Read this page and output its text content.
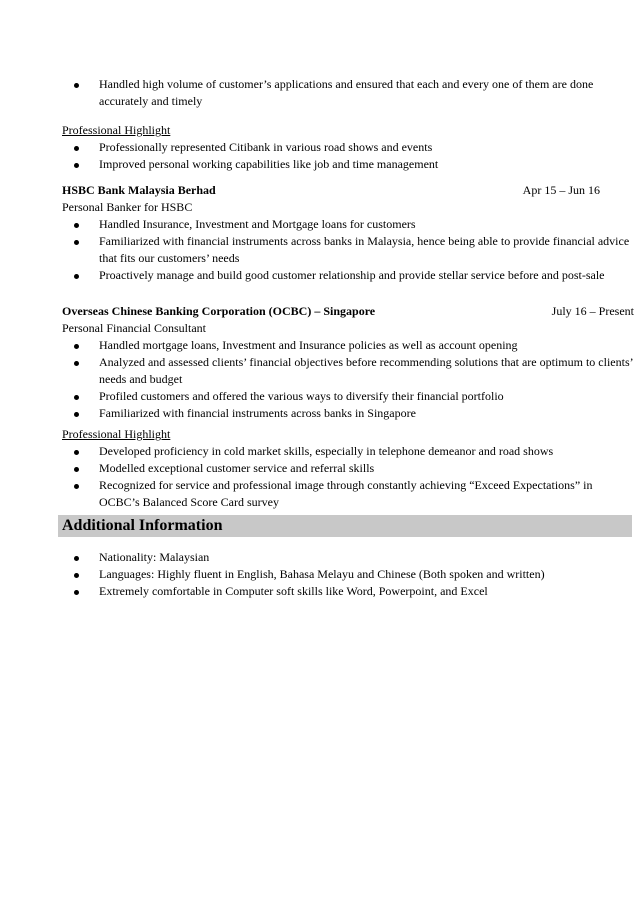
Handled high volume of customer’s applications and ensured that each and every one of them are done accurately and timely
Professional Highlight
Professionally represented Citibank in various road shows and events
Improved personal working capabilities like job and time management
HSBC Bank Malaysia Berhad	Apr 15 – Jun 16
Personal Banker for HSBC
Handled Insurance, Investment and Mortgage loans for customers
Familiarized with financial instruments across banks in Malaysia, hence being able to provide financial advice that fits our customers’ needs
Proactively manage and build good customer relationship and provide stellar service before and post-sale
Overseas Chinese Banking Corporation (OCBC) – Singapore	July 16 – Present
Personal Financial Consultant
Handled mortgage loans, Investment and Insurance policies as well as account opening
Analyzed and assessed clients’ financial objectives before recommending solutions that are optimum to clients’ needs and budget
Profiled customers and offered the various ways to diversify their financial portfolio
Familiarized with financial instruments across banks in Singapore
Professional Highlight
Developed proficiency in cold market skills, especially in telephone demeanor and road shows
Modelled exceptional customer service and referral skills
Recognized for service and professional image through constantly achieving “Exceed Expectations” in OCBC’s Balanced Score Card survey
Additional Information
Nationality: Malaysian
Languages: Highly fluent in English, Bahasa Melayu and Chinese (Both spoken and written)
Extremely comfortable in Computer soft skills like Word, Powerpoint, and Excel
